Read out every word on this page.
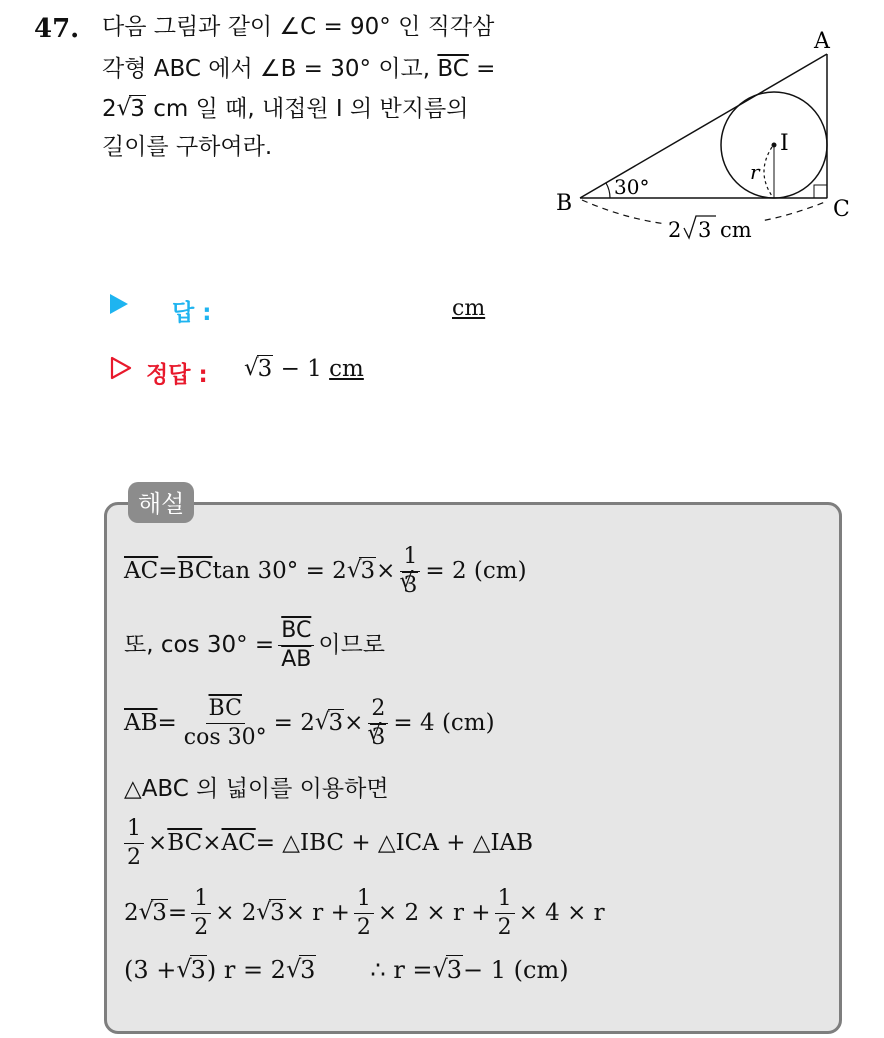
47. 다음 그림과 같이 ∠C = 90° 인 직각삼
각형 ABC 에서 ∠B = 30° 이고, $\overline{BC}$ =
2 √ 3 cm 일 때, 내접원 I 의 반지름의
길이를 구하여라.
A
B	C
I
r
30°
2 3 cm
답 :	cm
정답 :	√ 3 − 1 cm
해설
$\overline{AC} = \overline{BC}$ tan 30° = 2 √ 3 × 1
√ 3 = 2 (cm)
또, $\cos 30^\circ = \frac{\overline{BC}}{AB}$ 이므로
$\overline{AB} = \frac{\overline{BC}}{\cos 30^\circ} = 2$ √ 3 × 2
√ 3 = 4 (cm)
△ABC 의 넓이를 이용하면
$\frac{1}{2} \times \overline{BC} \times \overline{AC}$ = △IBC + △ICA + △IAB
2 √ $3 = \frac{1}{2} \times 2$ √ $3 \times r + \frac{1}{2} \times 2 \times r + \frac{1}{2} \times 4 \times r$
(3 + √ 3 ) r = 2 √ 3 ∴ r = √ 3 − 1 (cm)
